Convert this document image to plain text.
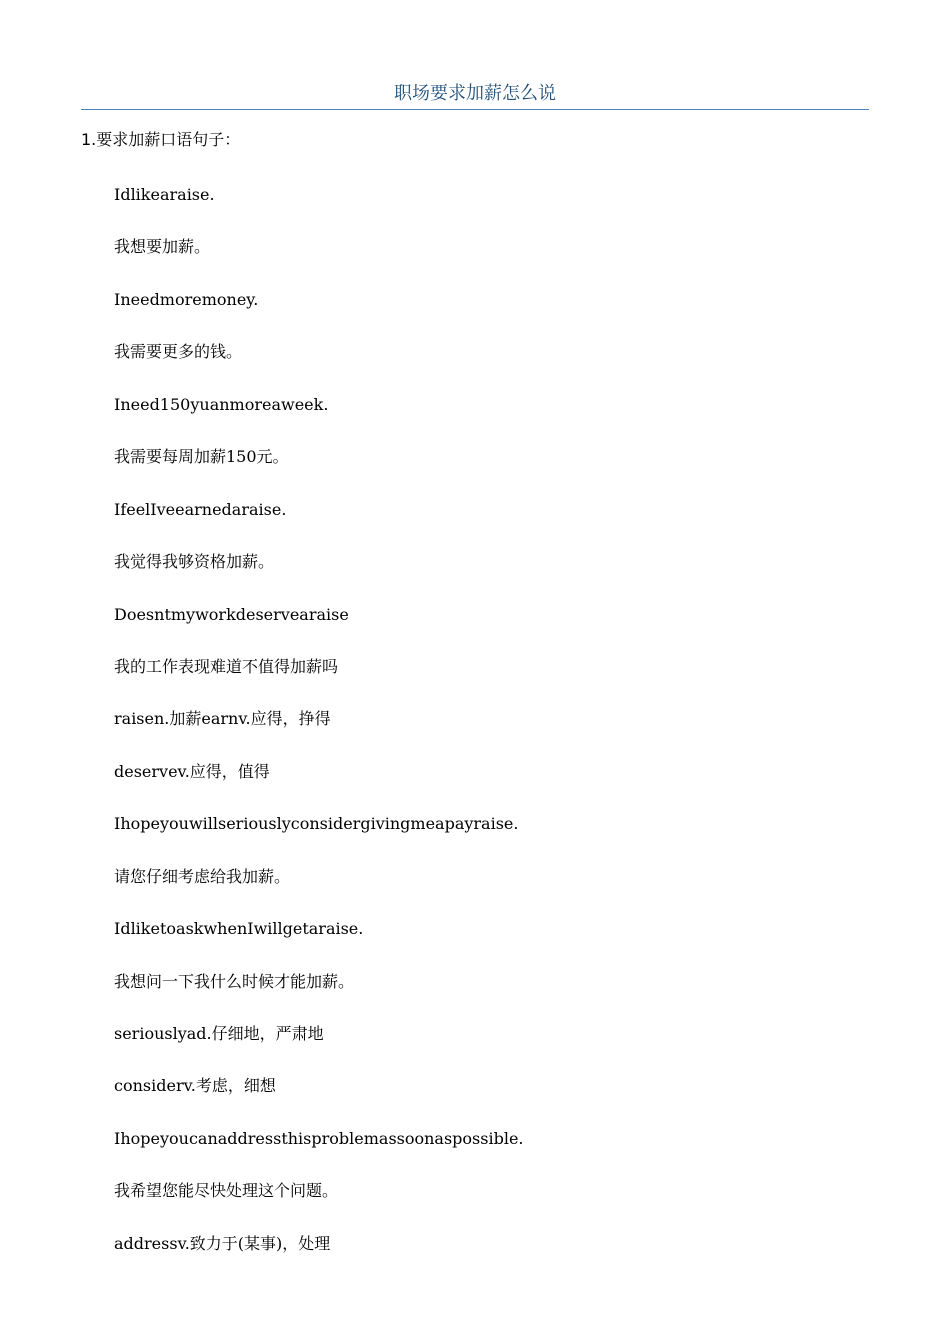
职场要求加薪怎么说
1.要求加薪口语句子：
Idlikearaise.
我想要加薪。
Ineedmoremoney.
我需要更多的钱。
Ineed150yuanmoreaweek.
我需要每周加薪150元。
IfeelIveearnedaraise.
我觉得我够资格加薪。
Doesntmyworkdeservearaise
我的工作表现难道不值得加薪吗
raisen.加薪earnv.应得，挣得
deservev.应得，值得
Ihopeyouwillseriouslyconsidergivingmeapayraise.
请您仔细考虑给我加薪。
IdliketoaskwhenIwillgetaraise.
我想问一下我什么时候才能加薪。
seriouslyad.仔细地，严肃地
considerv.考虑，细想
Ihopeyoucanaddressthisproblemassoonaspossible.
我希望您能尽快处理这个问题。
addressv.致力于(某事)，处理
